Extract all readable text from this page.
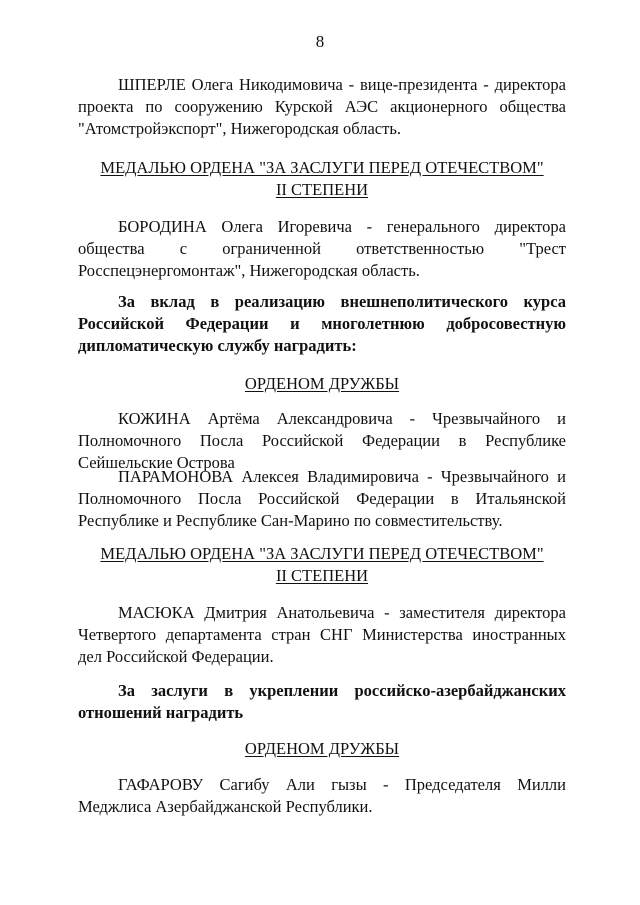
8

ШПЕРЛЕ Олега Никодимовича - вице-президента - директора проекта по сооружению Курской АЭС акционерного общества "Атомстройэкспорт", Нижегородская область.

МЕДАЛЬЮ ОРДЕНА "ЗА ЗАСЛУГИ ПЕРЕД ОТЕЧЕСТВОМ"
II СТЕПЕНИ

БОРОДИНА Олега Игоревича - генерального директора общества с ограниченной ответственностью "Трест Росспецэнергомонтаж", Нижегородская область.

За вклад в реализацию внешнеполитического курса Российской Федерации и многолетнюю добросовестную дипломатическую службу наградить:

ОРДЕНОМ ДРУЖБЫ

КОЖИНА Артёма Александровича - Чрезвычайного и Полномочного Посла Российской Федерации в Республике Сейшельские Острова

ПАРАМОНОВА Алексея Владимировича - Чрезвычайного и Полномочного Посла Российской Федерации в Итальянской Республике и Республике Сан-Марино по совместительству.

МЕДАЛЬЮ ОРДЕНА "ЗА ЗАСЛУГИ ПЕРЕД ОТЕЧЕСТВОМ"
II СТЕПЕНИ

МАСЮКА Дмитрия Анатольевича - заместителя директора Четвертого департамента стран СНГ Министерства иностранных дел Российской Федерации.

За заслуги в укреплении российско-азербайджанских отношений наградить

ОРДЕНОМ ДРУЖБЫ

ГАФАРОВУ Сагибу Али гызы - Председателя Милли Меджлиса Азербайджанской Республики.
